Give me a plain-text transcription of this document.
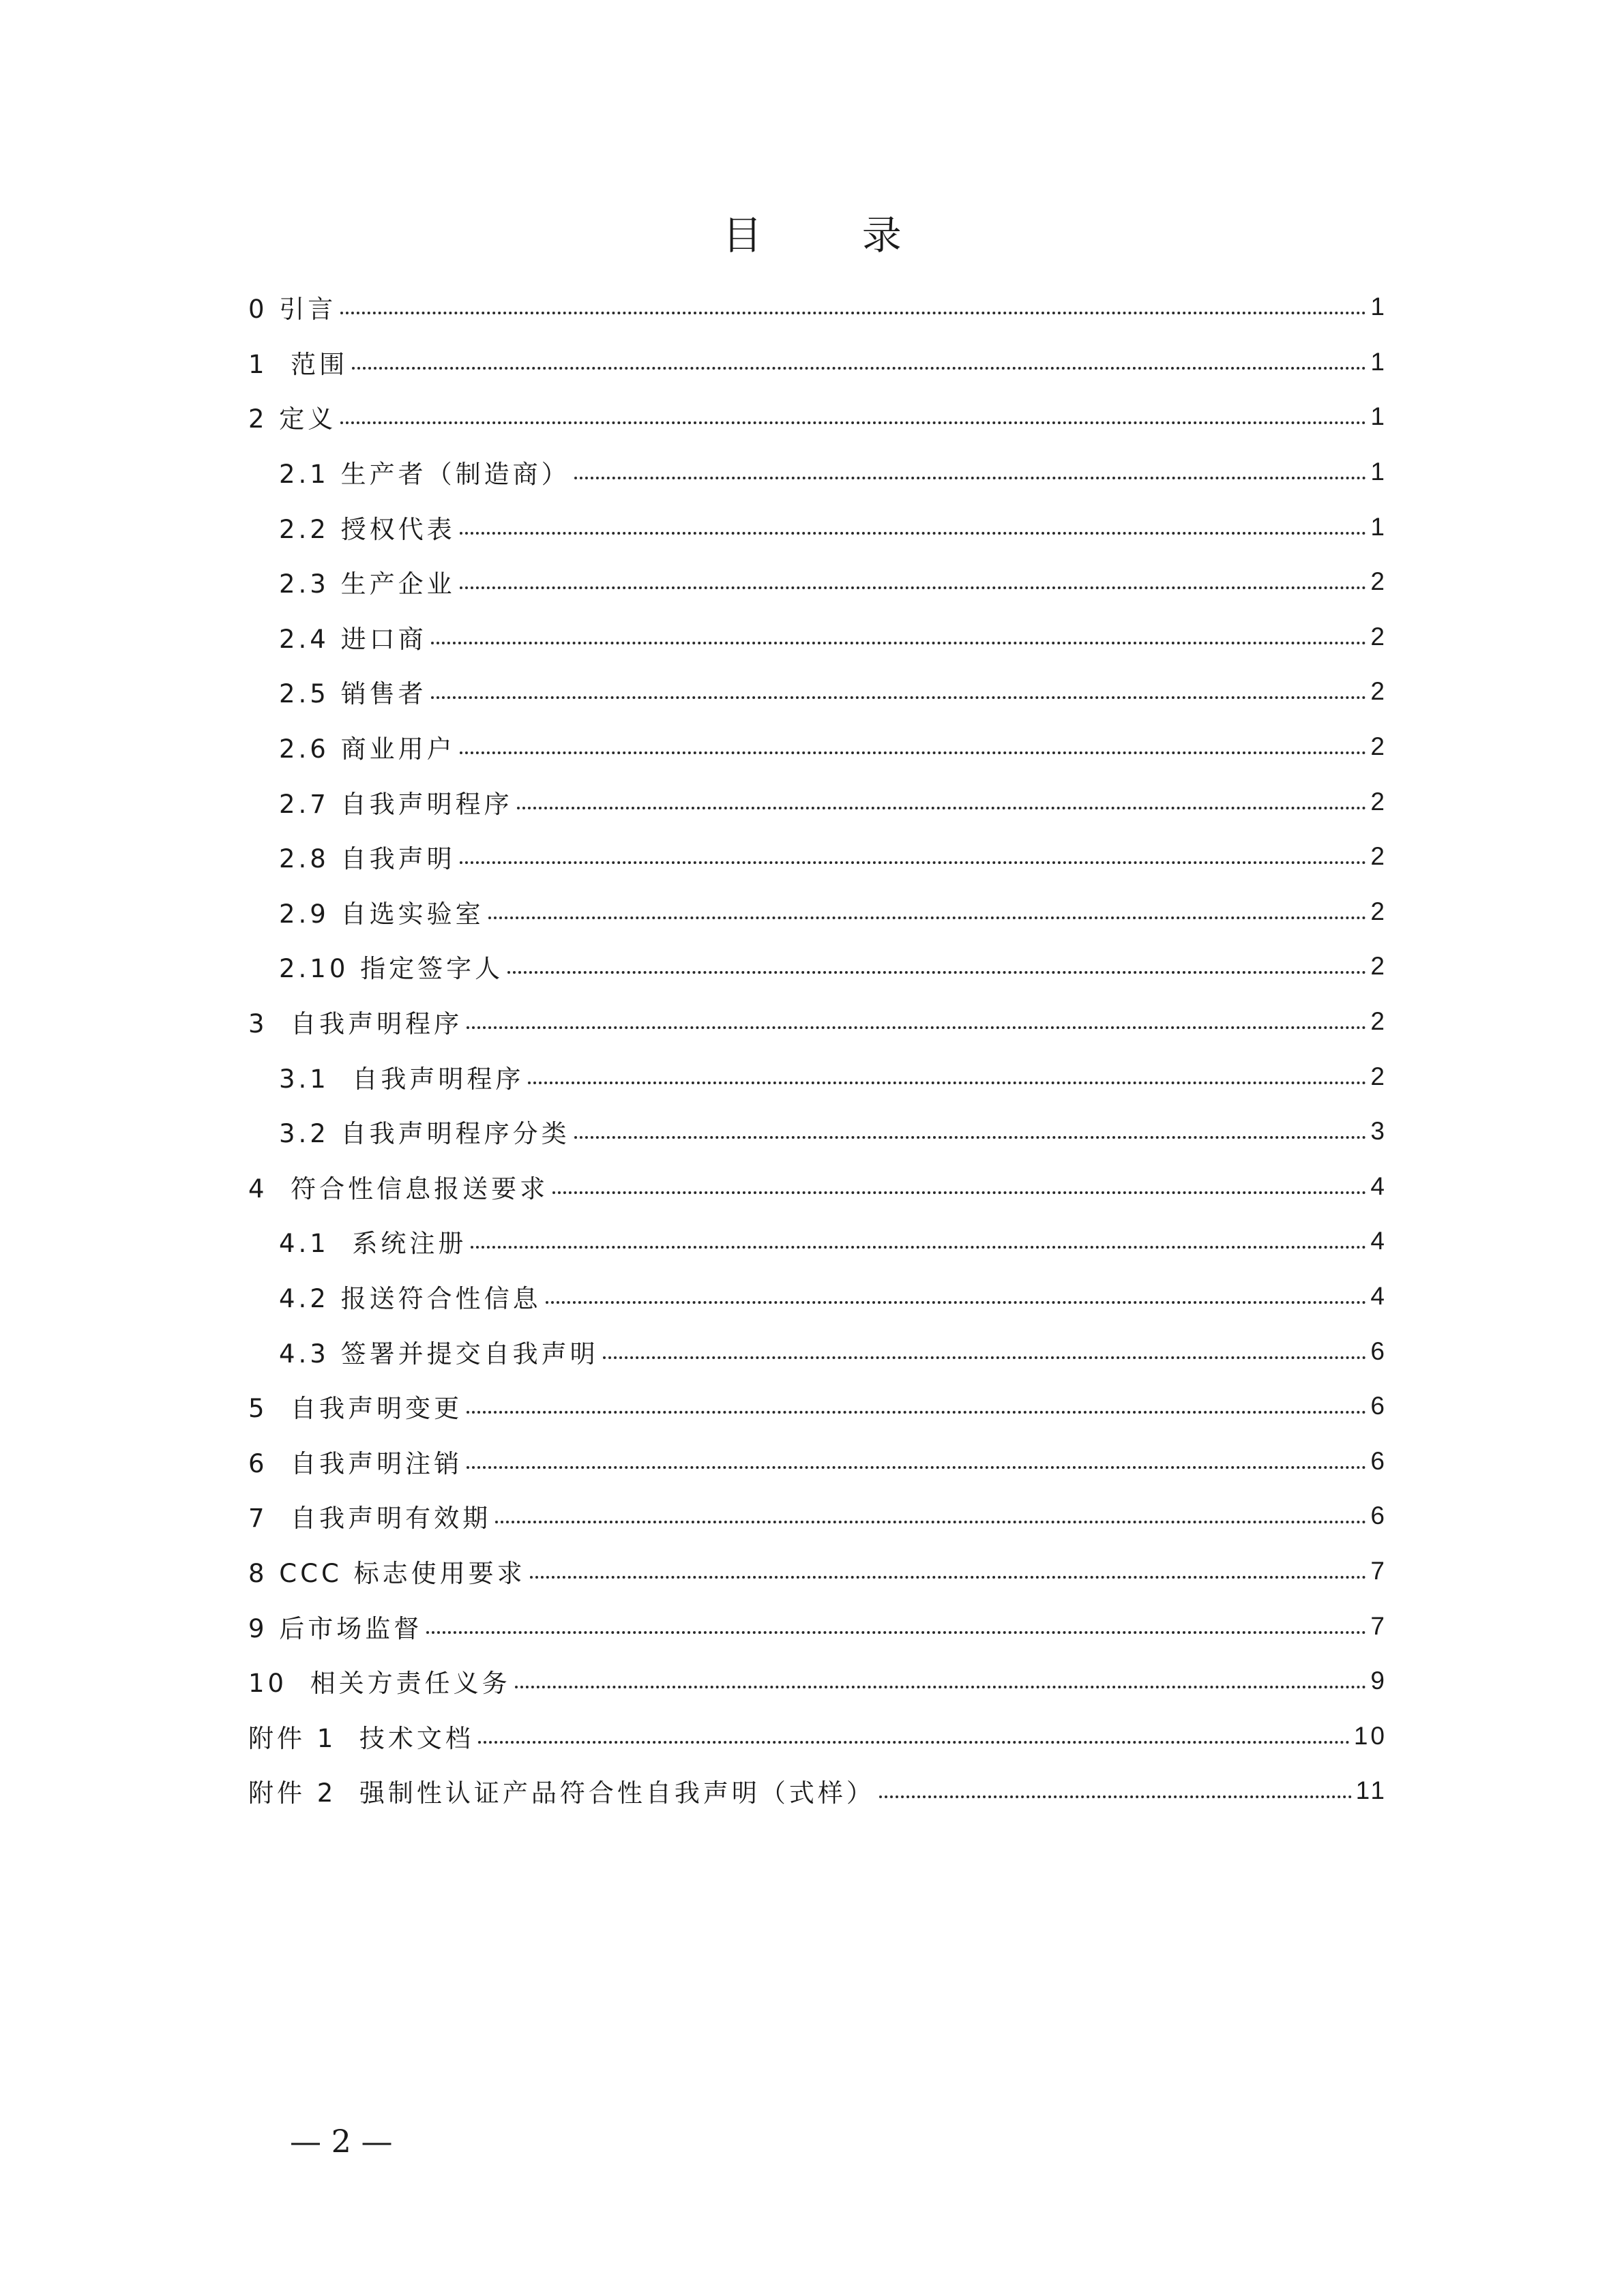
目 录
0 引言	1
1  范围	1
2 定义	1
2.1 生产者（制造商）	1
2.2 授权代表	1
2.3 生产企业	2
2.4 进口商	2
2.5 销售者	2
2.6 商业用户	2
2.7 自我声明程序	2
2.8 自我声明	2
2.9 自选实验室	2
2.10 指定签字人	2
3  自我声明程序	2
3.1  自我声明程序	2
3.2 自我声明程序分类	3
4  符合性信息报送要求	4
4.1  系统注册	4
4.2 报送符合性信息	4
4.3 签署并提交自我声明	6
5  自我声明变更	6
6  自我声明注销	6
7  自我声明有效期	6
8 CCC 标志使用要求	7
9 后市场监督	7
10  相关方责任义务	9
附件 1  技术文档	10
附件 2  强制性认证产品符合性自我声明（式样）	11
— 2 —
